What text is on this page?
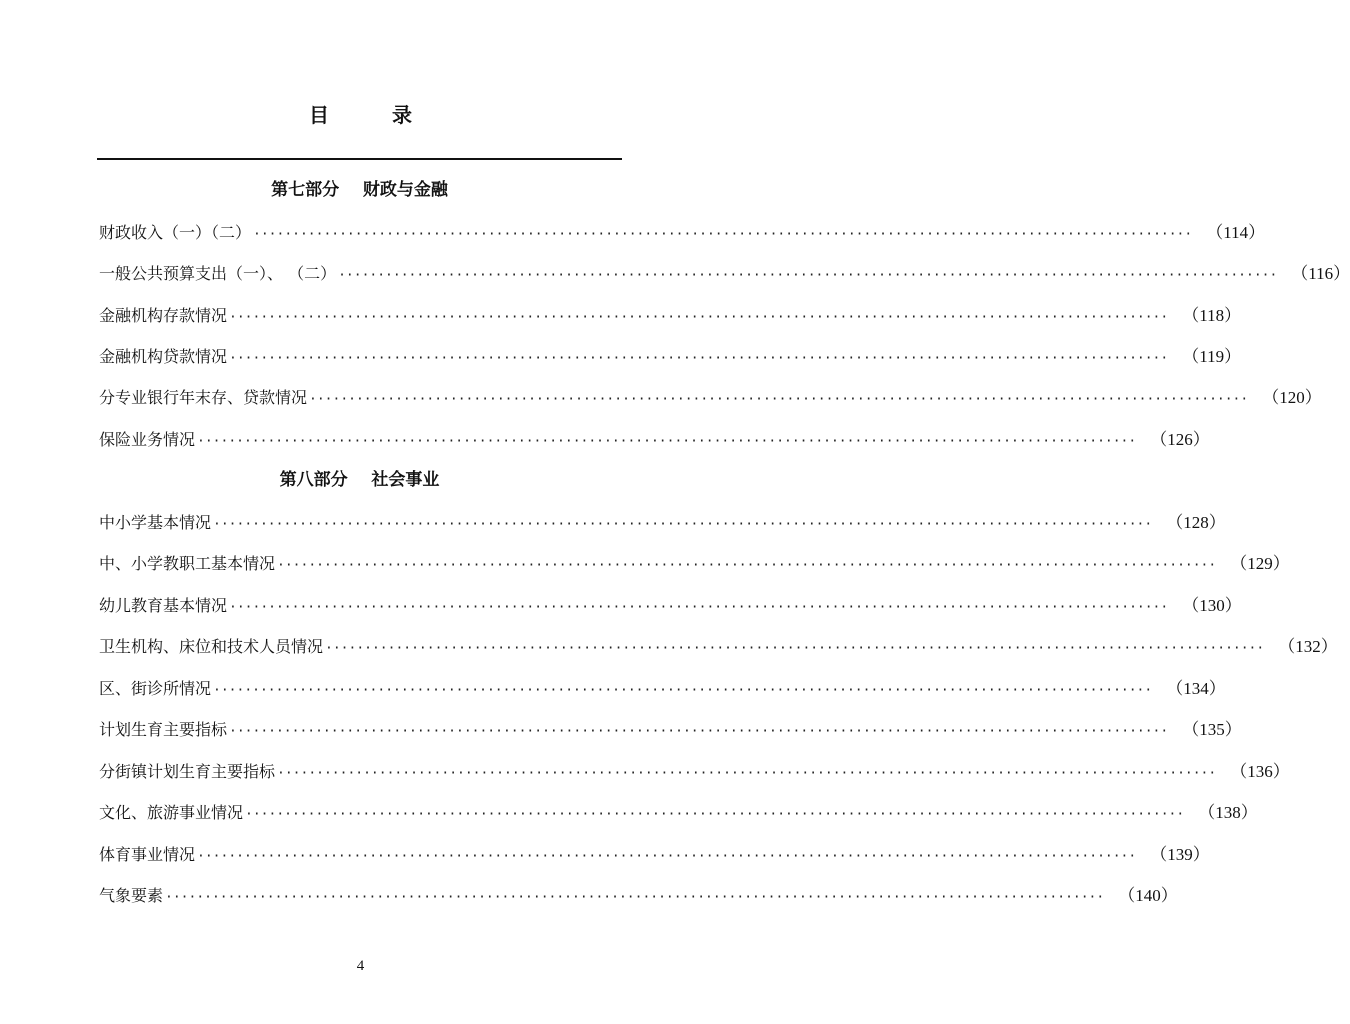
目 录
第七部分    财政与金融
财政收入（一）（二） ························································································································ （114）
一般公共预算支出（一）、 （二） ························································································································ （116）
金融机构存款情况 ························································································································ （118）
金融机构贷款情况 ························································································································ （119）
分专业银行年末存、贷款情况 ························································································································ （120）
保险业务情况 ························································································································ （126）
第八部分    社会事业
中小学基本情况 ························································································································ （128）
中、小学教职工基本情况 ························································································································ （129）
幼儿教育基本情况 ························································································································ （130）
卫生机构、床位和技术人员情况 ························································································································ （132）
区、街诊所情况 ························································································································ （134）
计划生育主要指标 ························································································································ （135）
分街镇计划生育主要指标 ························································································································ （136）
文化、旅游事业情况 ························································································································ （138）
体育事业情况 ························································································································ （139）
气象要素 ························································································································ （140）
4
